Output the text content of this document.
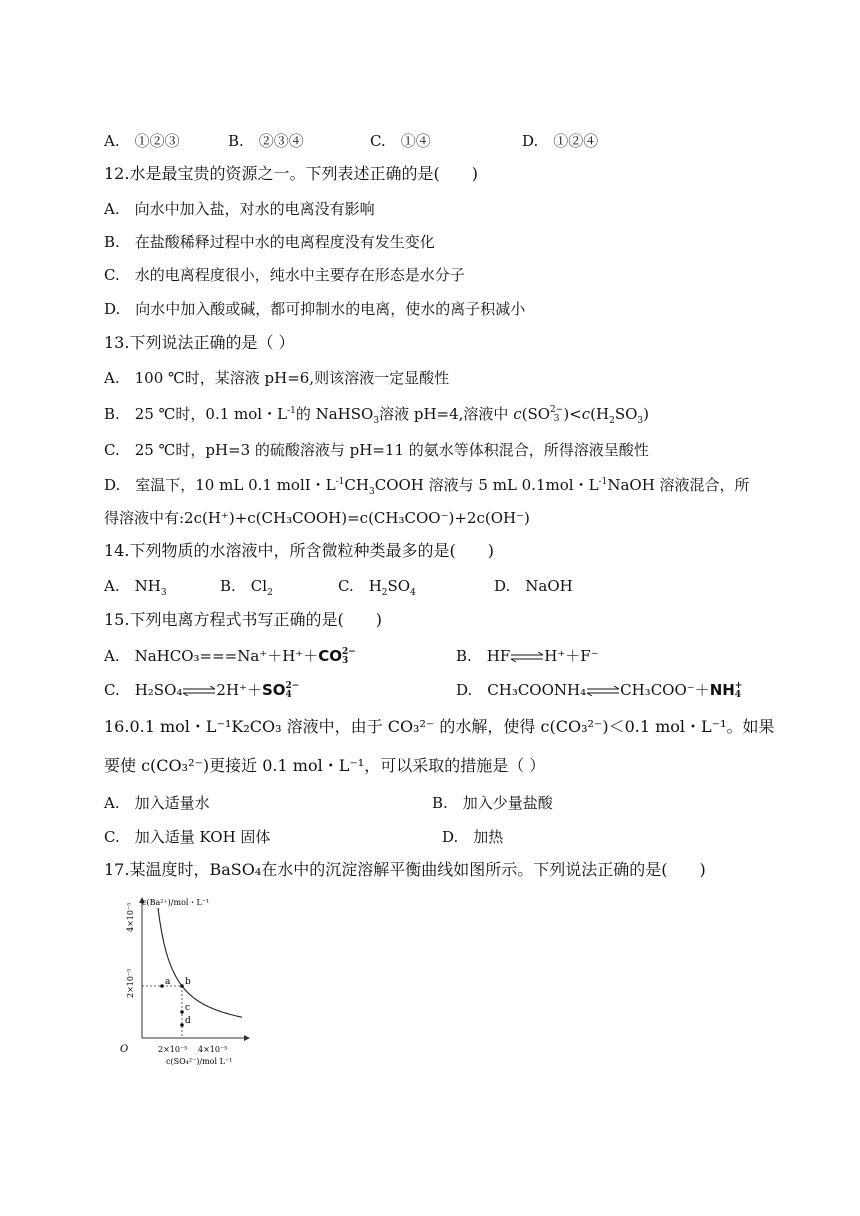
A.　①②③	B.　②③④	C.　①④	D.　①②④
12.水是最宝贵的资源之一。下列表述正确的是(　　)
A.　向水中加入盐，对水的电离没有影响
B.　在盐酸稀释过程中水的电离程度没有发生变化
C.　水的电离程度很小，纯水中主要存在形态是水分子
D.　向水中加入酸或碱，都可抑制水的电离，使水的离子积减小
13.下列说法正确的是（ ）
A.　100 ℃时，某溶液 pH=6,则该溶液一定显酸性
B.　25 ℃时，0.1 mol・$L^{-1}$的 NaHSO$_3$溶液 pH=4,溶液中 c(SO 2−
3 )$<c(H_2SO_3)$
C.　25 ℃时，pH=3 的硫酸溶液与 pH=11 的氨水等体积混合，所得溶液呈酸性
D.　室温下，10 mL 0.1 molI・$L^{-1}CH_3COOH$ 溶液与 5 mL 0.1mol・$L^{-1}NaOH$ 溶液混合，所
得溶液中有:2c(H⁺)+c(CH₃COOH)=c(CH₃COO⁻)+2c(OH⁻)
14.下列物质的水溶液中，所含微粒种类最多的是(　　)
A.　$NH_3$	B.　$Cl_2$	C.　$H_2SO_4$	D.　NaOH
15.下列电离方程式书写正确的是(　　)
A.　NaHCO₃===Na⁺＋H⁺＋CO 2−
3	B.　HF⇌H⁺＋F⁻
C.　H₂SO₄⇌2H⁺＋SO 2−
4	D.　CH₃COONH₄⇌CH₃COO⁻＋NH +
4
16.0.1 mol・L⁻¹K₂CO₃ 溶液中，由于 CO₃²⁻ 的水解，使得 c(CO₃²⁻)＜0.1 mol・L⁻¹。如果
要使 c(CO₃²⁻)更接近 0.1 mol・L⁻¹，可以采取的措施是（ ）
A.　加入适量水	B.　加入少量盐酸
C.　加入适量 KOH 固体	D.　加热
17.某温度时，BaSO₄在水中的沉淀溶解平衡曲线如图所示。下列说法正确的是(　　)
a b
c
d
c(Ba²⁺)/mol・L⁻¹
c(SO₄²⁻)/mol L⁻¹
O
2×10⁻⁵
4×10⁻⁵
2×10⁻⁵ 4×10⁻⁵
